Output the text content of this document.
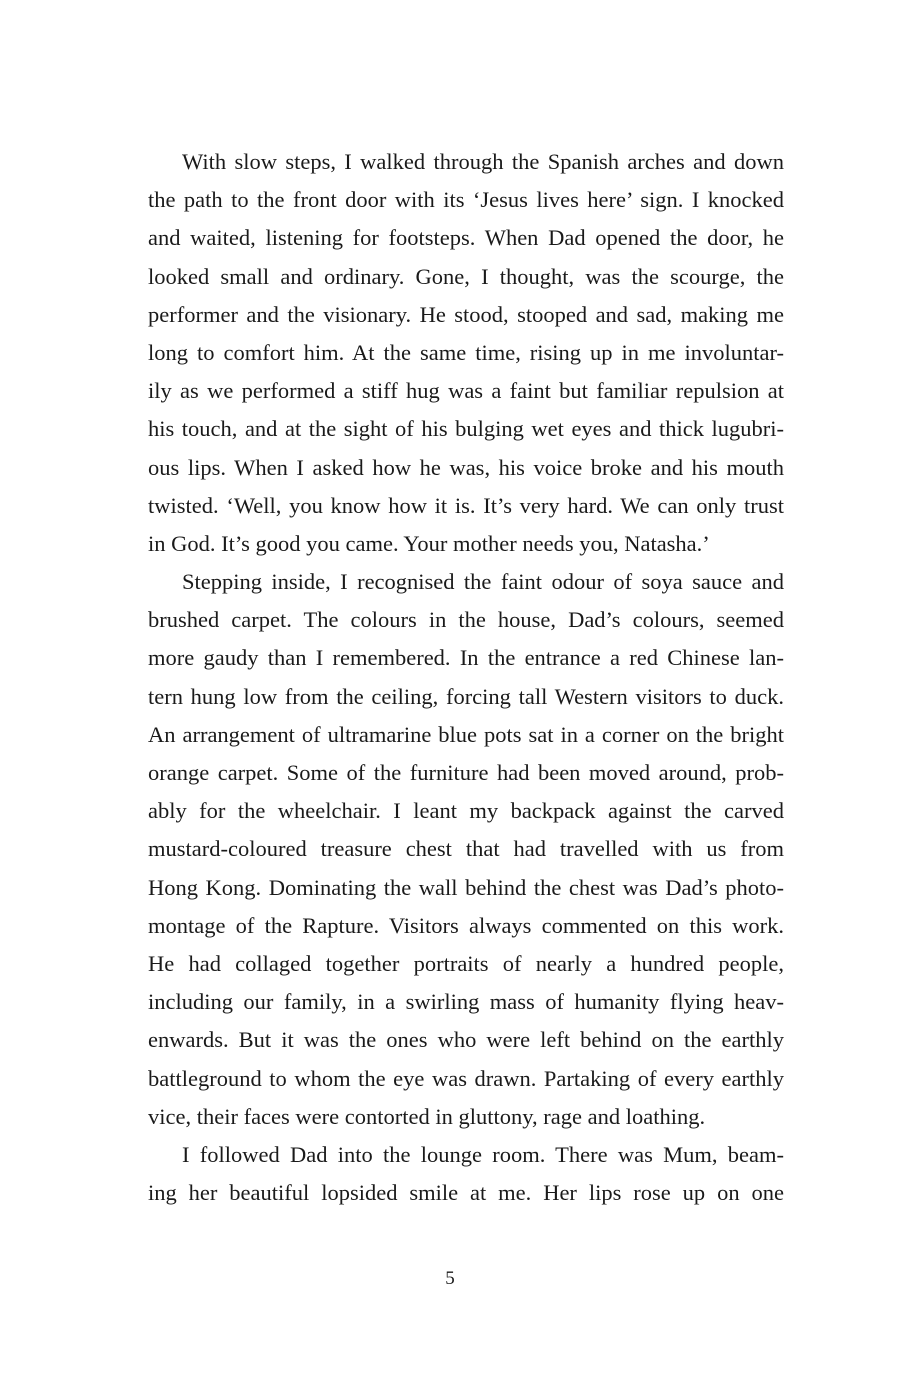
With slow steps, I walked through the Spanish arches and down
the path to the front door with its ‘Jesus lives here’ sign. I knocked
and waited, listening for footsteps. When Dad opened the door, he
looked small and ordinary. Gone, I thought, was the scourge, the
performer and the visionary. He stood, stooped and sad, making me
long to comfort him. At the same time, rising up in me involuntar-
ily as we performed a stiff hug was a faint but familiar repulsion at
his touch, and at the sight of his bulging wet eyes and thick lugubri-
ous lips. When I asked how he was, his voice broke and his mouth
twisted. ‘Well, you know how it is. It’s very hard. We can only trust
in God. It’s good you came. Your mother needs you, Natasha.’

Stepping inside, I recognised the faint odour of soya sauce and
brushed carpet. The colours in the house, Dad’s colours, seemed
more gaudy than I remembered. In the entrance a red Chinese lan-
tern hung low from the ceiling, forcing tall Western visitors to duck.
An arrangement of ultramarine blue pots sat in a corner on the bright
orange carpet. Some of the furniture had been moved around, prob-
ably for the wheelchair. I leant my backpack against the carved
mustard-coloured treasure chest that had travelled with us from
Hong Kong. Dominating the wall behind the chest was Dad’s photo-
montage of the Rapture. Visitors always commented on this work.
He had collaged together portraits of nearly a hundred people,
including our family, in a swirling mass of humanity flying heav-
enwards. But it was the ones who were left behind on the earthly
battleground to whom the eye was drawn. Partaking of every earthly
vice, their faces were contorted in gluttony, rage and loathing.

I followed Dad into the lounge room. There was Mum, beam-
ing her beautiful lopsided smile at me. Her lips rose up on one

5
